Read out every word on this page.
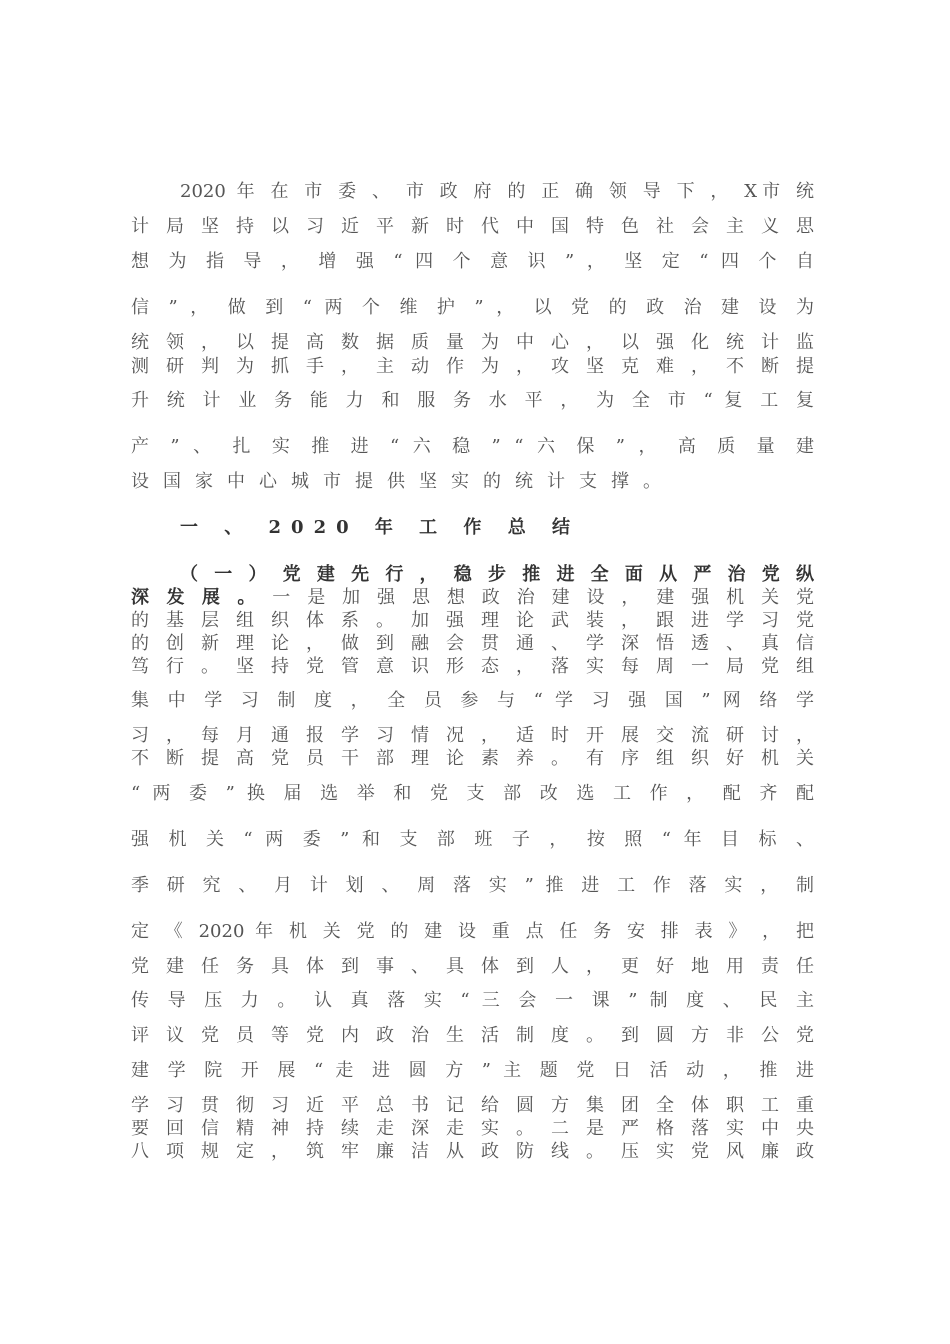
2020 年 在 市 委 、 市 政 府 的 正 确 领 导 下 ， X市 统
计 局 坚 持 以 习 近 平 新 时 代 中 国 特 色 社 会 主 义 思
想 为 指 导 ， 增 强 “ 四 个 意 识 ” ， 坚 定 “ 四 个 自
信 ” ， 做 到 “ 两 个 维 护 ” ， 以 党 的 政 治 建 设 为
统 领 ， 以 提 高 数 据 质 量 为 中 心 ， 以 强 化 统 计 监
测 研 判 为 抓 手 ， 主 动 作 为 ， 攻 坚 克 难 ， 不 断 提
升 统 计 业 务 能 力 和 服 务 水 平 ， 为 全 市 “ 复 工 复
产 ” 、 扎 实 推 进 “ 六 稳 ” “ 六 保 ” ， 高 质 量 建
设国家中心城市提供坚实的统计支撑。
一 、 2020 年 工 作 总 结
（ 一 ） 党 建 先 行 ， 稳 步 推 进 全 面 从 严 治 党 纵
深 发 展 。 一 是 加 强 思 想 政 治 建 设 ， 建 强 机 关 党
的 基 层 组 织 体 系 。 加 强 理 论 武 装 ， 跟 进 学 习 党
的 创 新 理 论 ， 做 到 融 会 贯 通 、 学 深 悟 透 、 真 信
笃 行 。 坚 持 党 管 意 识 形 态 ， 落 实 每 周 一 局 党 组
集 中 学 习 制 度 ， 全 员 参 与 “ 学 习 强 国 ” 网 络 学
习 ， 每 月 通 报 学 习 情 况 ， 适 时 开 展 交 流 研 讨 ，
不 断 提 高 党 员 干 部 理 论 素 养 。 有 序 组 织 好 机 关
“ 两 委 ” 换 届 选 举 和 党 支 部 改 选 工 作 ， 配 齐 配
强 机 关 “ 两 委 ” 和 支 部 班 子 ， 按 照 “ 年 目 标 、
季 研 究 、 月 计 划 、 周 落 实 ” 推 进 工 作 落 实 ， 制
定 《 2020 年 机 关 党 的 建 设 重 点 任 务 安 排 表 》 ， 把
党 建 任 务 具 体 到 事 、 具 体 到 人 ， 更 好 地 用 责 任
传 导 压 力 。 认 真 落 实 “ 三 会 一 课 ” 制 度 、 民 主
评 议 党 员 等 党 内 政 治 生 活 制 度 。 到 圆 方 非 公 党
建 学 院 开 展 “ 走 进 圆 方 ” 主 题 党 日 活 动 ， 推 进
学 习 贯 彻 习 近 平 总 书 记 给 圆 方 集 团 全 体 职 工 重
要 回 信 精 神 持 续 走 深 走 实 。 二 是 严 格 落 实 中 央
八 项 规 定 ， 筑 牢 廉 洁 从 政 防 线 。 压 实 党 风 廉 政
